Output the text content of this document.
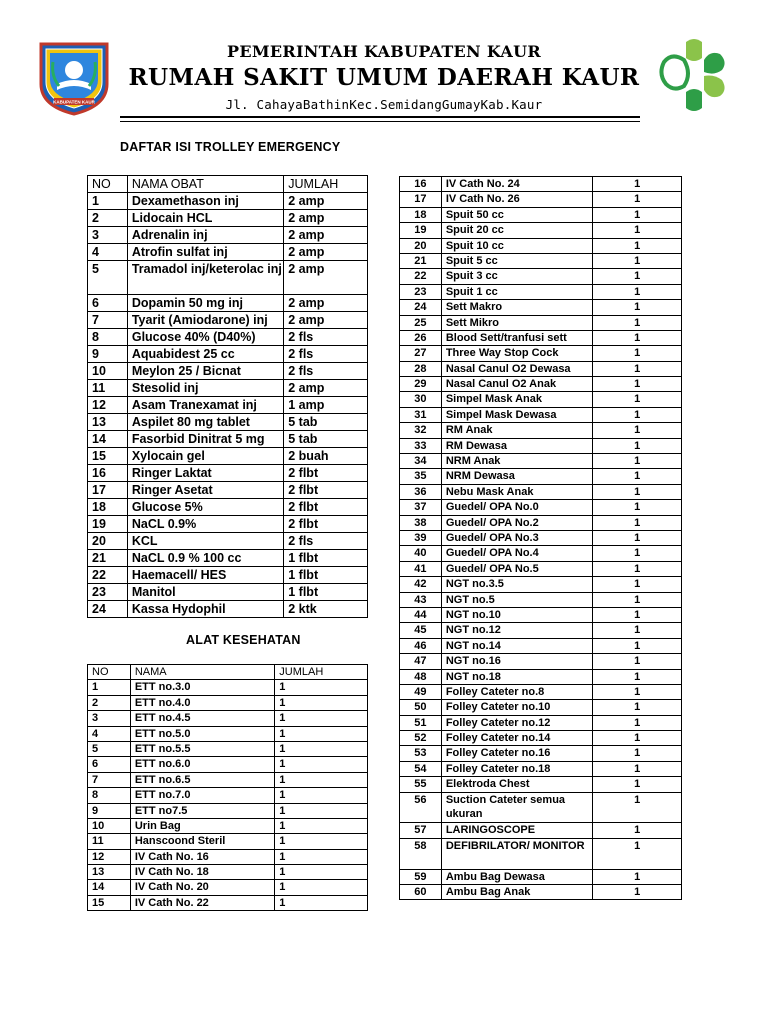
KABUPATEN KAUR
PEMERINTAH KABUPATEN KAUR
RUMAH SAKIT UMUM DAERAH KAUR
Jl. CahayaBathinKec.SemidangGumayKab.Kaur
DAFTAR ISI TROLLEY EMERGENCY
NO	NAMA OBAT	JUMLAH
1	Dexamethason inj	2 amp
2	Lidocain HCL	2 amp
3	Adrenalin inj	2 amp
4	Atrofin sulfat inj	2 amp
5	Tramadol inj/keterolac inj	2 amp
6	Dopamin 50 mg inj	2 amp
7	Tyarit (Amiodarone) inj	2 amp
8	Glucose 40% (D40%)	2 fls
9	Aquabidest 25 cc	2 fls
10	Meylon 25 / Bicnat	2 fls
11	Stesolid inj	2 amp
12	Asam Tranexamat inj	1 amp
13	Aspilet 80 mg tablet	5 tab
14	Fasorbid Dinitrat 5 mg	5 tab
15	Xylocain gel	2 buah
16	Ringer Laktat	2 flbt
17	Ringer Asetat	2 flbt
18	Glucose 5%	2 flbt
19	NaCL 0.9%	2 flbt
20	KCL	2 fls
21	NaCL 0.9 % 100 cc	1 flbt
22	Haemacell/ HES	1 flbt
23	Manitol	1 flbt
24	Kassa Hydophil	2 ktk
ALAT KESEHATAN
NO	NAMA	JUMLAH
1	ETT no.3.0	1
2	ETT no.4.0	1
3	ETT no.4.5	1
4	ETT no.5.0	1
5	ETT no.5.5	1
6	ETT no.6.0	1
7	ETT no.6.5	1
8	ETT no.7.0	1
9	ETT no7.5	1
10	Urin Bag	1
11	Hanscoond Steril	1
12	IV Cath No. 16	1
13	IV Cath No. 18	1
14	IV Cath No. 20	1
15	IV Cath No. 22	1
16	IV Cath No. 24	1
17	IV Cath No. 26	1
18	Spuit 50 cc	1
19	Spuit 20 cc	1
20	Spuit 10 cc	1
21	Spuit 5 cc	1
22	Spuit 3 cc	1
23	Spuit 1 cc	1
24	Sett Makro	1
25	Sett Mikro	1
26	Blood Sett/tranfusi sett	1
27	Three Way Stop Cock	1
28	Nasal Canul O2 Dewasa	1
29	Nasal Canul O2 Anak	1
30	Simpel Mask Anak	1
31	Simpel Mask Dewasa	1
32	RM Anak	1
33	RM Dewasa	1
34	NRM Anak	1
35	NRM Dewasa	1
36	Nebu Mask Anak	1
37	Guedel/ OPA No.0	1
38	Guedel/ OPA No.2	1
39	Guedel/ OPA No.3	1
40	Guedel/ OPA No.4	1
41	Guedel/ OPA No.5	1
42	NGT no.3.5	1
43	NGT no.5	1
44	NGT no.10	1
45	NGT no.12	1
46	NGT no.14	1
47	NGT no.16	1
48	NGT no.18	1
49	Folley Cateter no.8	1
50	Folley Cateter no.10	1
51	Folley Cateter no.12	1
52	Folley Cateter no.14	1
53	Folley Cateter no.16	1
54	Folley Cateter no.18	1
55	Elektroda Chest	1
56	Suction Cateter semua ukuran	1
57	LARINGOSCOPE	1
58	DEFIBRILATOR/ MONITOR	1
59	Ambu Bag Dewasa	1
60	Ambu Bag Anak	1
